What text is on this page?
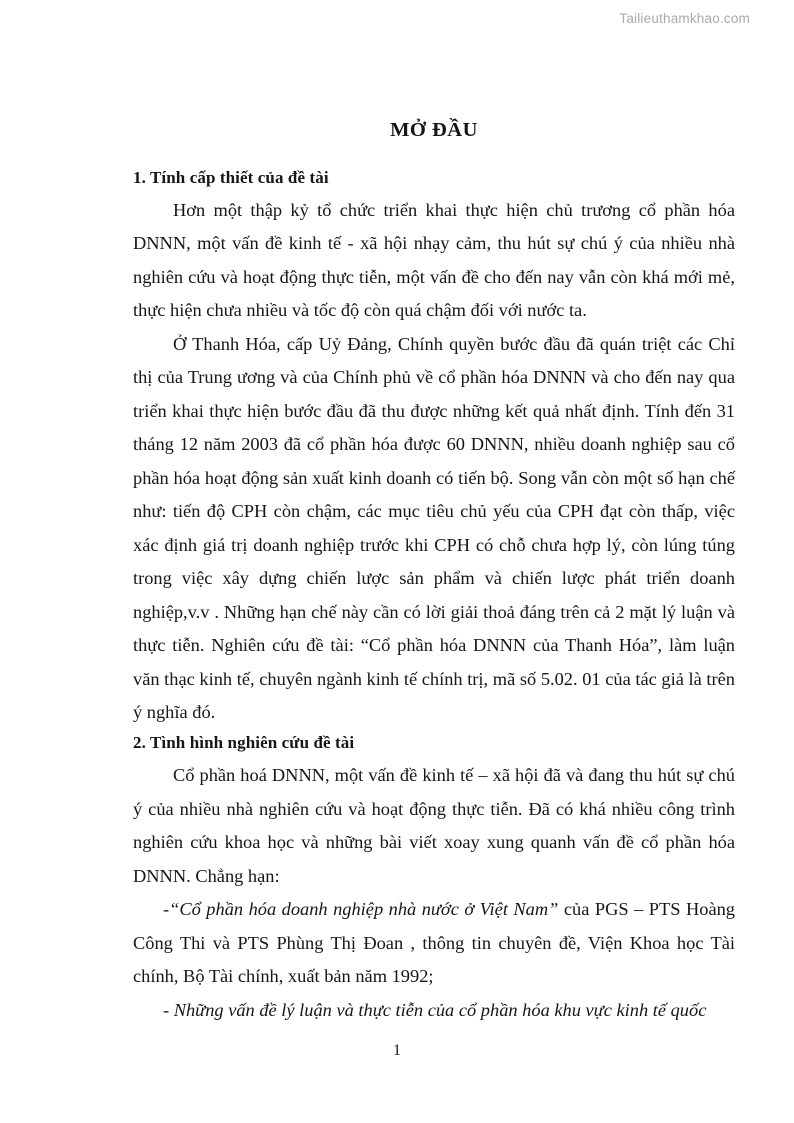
Tailieuthamkhao.com
MỞ ĐẦU
1. Tính cấp thiết của đề tài

Hơn một thập kỷ tổ chức triển khai thực hiện chủ trương cổ phần hóa DNNN, một vấn đề kinh tế - xã hội nhạy cảm, thu hút sự chú ý của nhiều nhà nghiên cứu và hoạt động thực tiễn, một vấn đề cho đến nay vẫn còn khá mới mẻ, thực hiện chưa nhiều và tốc độ còn quá chậm đối với nước ta.

Ở Thanh Hóa, cấp Uỷ Đảng, Chính quyền bước đầu đã quán triệt các Chỉ thị của Trung ương và của Chính phủ về cổ phần hóa DNNN và cho đến nay qua triển khai thực hiện bước đầu đã thu được những kết quả nhất định. Tính đến 31 tháng 12 năm 2003 đã cổ phần hóa được 60 DNNN, nhiều doanh nghiệp sau cổ phần hóa hoạt động sản xuất kinh doanh có tiến bộ. Song vẫn còn một số hạn chế như: tiến độ CPH còn chậm, các mục tiêu chủ yếu của CPH đạt còn thấp, việc xác định giá trị doanh nghiệp trước khi CPH có chỗ chưa hợp lý, còn lúng túng trong việc xây dựng chiến lược sản phẩm và chiến lược phát triển doanh nghiệp,v.v . Những hạn chế này cần có lời giải thoả đáng trên cả 2 mặt lý luận và thực tiễn. Nghiên cứu đề tài: “Cổ phần hóa DNNN của Thanh Hóa”, làm luận văn thạc kinh tế, chuyên ngành kinh tế chính trị, mã số 5.02. 01 của tác giả là trên ý nghĩa đó.

2. Tình hình nghiên cứu đề tài

Cổ phần hoá DNNN, một vấn đề kinh tế – xã hội đã và đang thu hút sự chú ý của nhiều nhà nghiên cứu và hoạt động thực tiễn. Đã có khá nhiều công trình nghiên cứu khoa học và những bài viết xoay xung quanh vấn đề cổ phần hóa DNNN. Chẳng hạn:

-“Cổ phần hóa doanh nghiệp nhà nước ở Việt Nam” của PGS – PTS Hoàng Công Thi và PTS Phùng Thị Đoan , thông tin chuyên đề, Viện Khoa học Tài chính, Bộ Tài chính, xuất bản năm 1992;

- Những vấn đề lý luận và thực tiễn của cổ phần hóa khu vực kinh tế quốc

1
